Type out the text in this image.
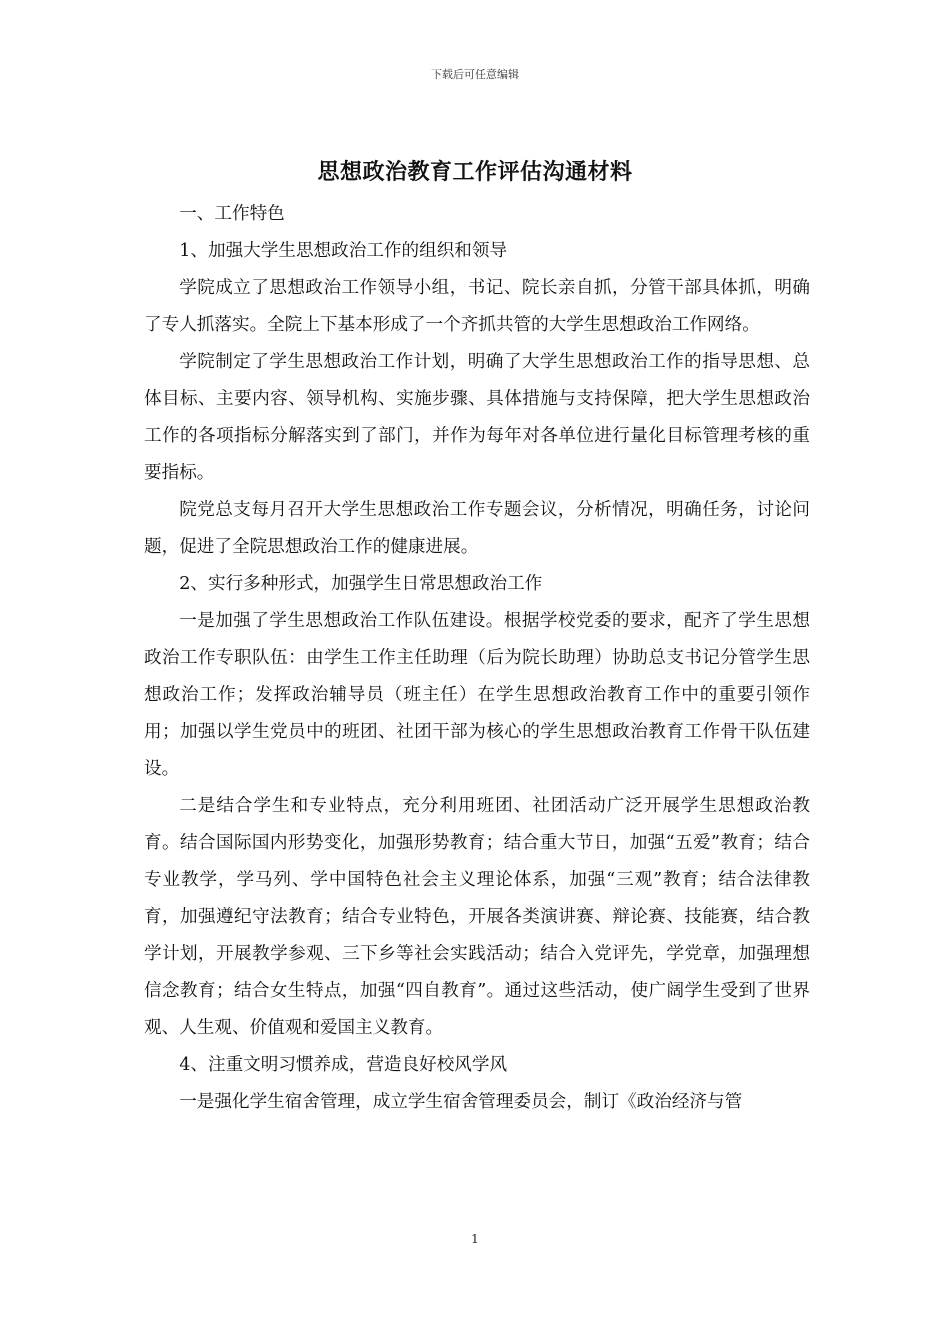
下载后可任意编辑
思想政治教育工作评估沟通材料

一、工作特色

1、加强大学生思想政治工作的组织和领导

学院成立了思想政治工作领导小组，书记、院长亲自抓，分管干部具体抓，明确了专人抓落实。全院上下基本形成了一个齐抓共管的大学生思想政治工作网络。

学院制定了学生思想政治工作计划，明确了大学生思想政治工作的指导思想、总体目标、主要内容、领导机构、实施步骤、具体措施与支持保障，把大学生思想政治工作的各项指标分解落实到了部门，并作为每年对各单位进行量化目标管理考核的重要指标。

院党总支每月召开大学生思想政治工作专题会议，分析情况，明确任务，讨论问题，促进了全院思想政治工作的健康进展。

2、实行多种形式，加强学生日常思想政治工作

一是加强了学生思想政治工作队伍建设。根据学校党委的要求，配齐了学生思想政治工作专职队伍：由学生工作主任助理（后为院长助理）协助总支书记分管学生思想政治工作；发挥政治辅导员（班主任）在学生思想政治教育工作中的重要引领作用；加强以学生党员中的班团、社团干部为核心的学生思想政治教育工作骨干队伍建设。

二是结合学生和专业特点，充分利用班团、社团活动广泛开展学生思想政治教育。结合国际国内形势变化，加强形势教育；结合重大节日，加强“五爱”教育；结合专业教学，学马列、学中国特色社会主义理论体系，加强“三观”教育；结合法律教育，加强遵纪守法教育；结合专业特色，开展各类演讲赛、辩论赛、技能赛，结合教学计划，开展教学参观、三下乡等社会实践活动；结合入党评先，学党章，加强理想信念教育；结合女生特点，加强“四自教育”。通过这些活动，使广阔学生受到了世界观、人生观、价值观和爱国主义教育。

4、注重文明习惯养成，营造良好校风学风

一是强化学生宿舍管理，成立学生宿舍管理委员会，制订《政治经济与管

1
